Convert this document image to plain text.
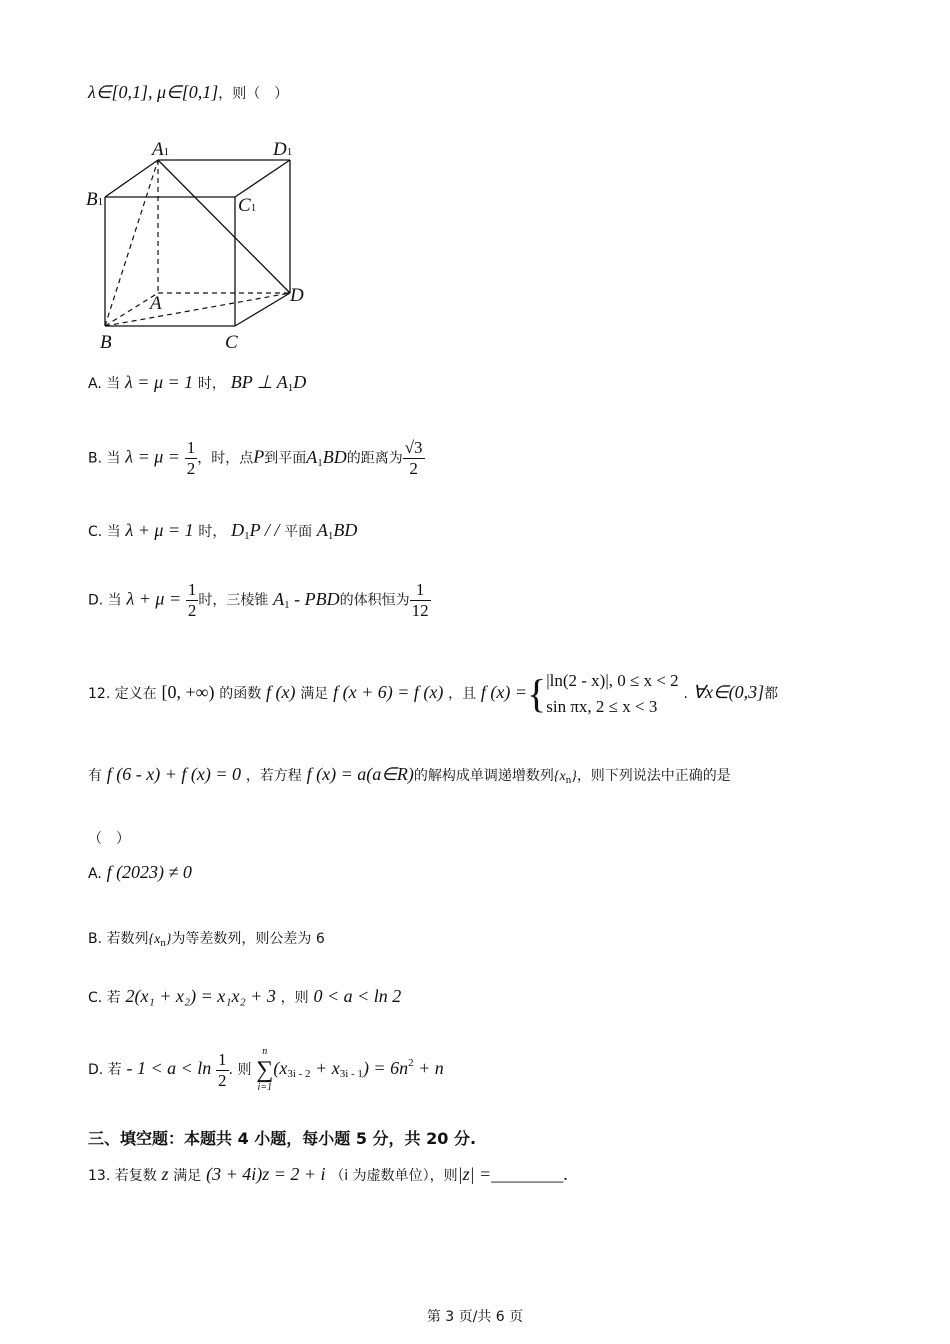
λ∈[0,1], μ∈[0,1]，则（　）
A1	D1
B1	C1
A	D
B	C
A. 当 λ = μ = 1 时， BP ⊥ $A_1D$
B. 当 $\lambda = \mu = \frac{1}{2}$ ，时，点P到平面$A_1BD$的距离为 $\frac{√3}{2}$
C. 当 λ + μ = 1 时， $D_1P$ / / 平面 $A_1BD$
D. 当 $\lambda + \mu = \frac{1}{2}$ 时，三棱锥 $A_1$ - PBD的体积恒为 $\frac{1}{12}$
12. 定义在 [0, +∞) 的函数 f (x) 满足 f (x + 6) = f (x) ，且 f (x) ={ |ln(2 - x)|, 0 ≤ x < 2
sin πx, 2 ≤ x < 3
. ∀x∈(0,3]都
有 f (6 - x) + f (x) = 0 ，若方程 f (x) = a(a∈R)的解构成单调递增数列$\{x_n\}$，则下列说法中正确的是
（　）
A. f (2023) ≠ 0
B. 若数列$\{x_n\}$为等差数列，则公差为 6
C. 若 2(x₁ + x₂) = x₁x₂ + 3 ，则 0 < a < ln 2
D. 若 - $1 < a < \ln \frac{1}{2}$ . 则
n
∑
i=1
$(x_{3i - 2} + x_{3i - 1}) = 6n^2 + n$
三、填空题：本题共 4 小题，每小题 5 分，共 20 分.
13. 若复数 z 满足 (3 + 4i)z = 2 + i （i 为虚数单位），则|z| =________.
第 3 页/共 6 页
